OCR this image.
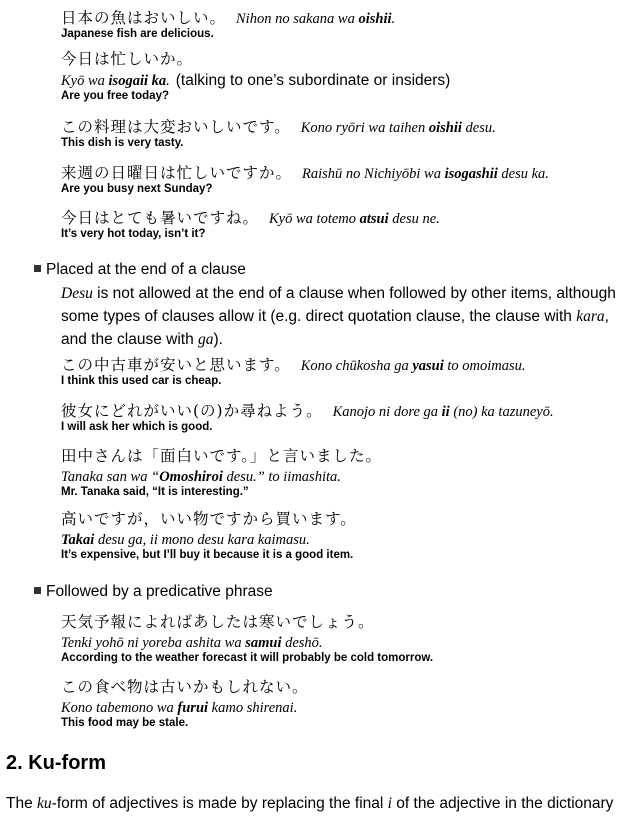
日本の魚はおいしい。 Nihon no sakana wa oishii.
Japanese fish are delicious.
今日は忙しいか。
Kyō wa isogaii ka. (talking to one’s subordinate or insiders)
Are you free today?
この料理は大変おいしいです。 Kono ryōri wa taihen oishii desu.
This dish is very tasty.
来週の日曜日は忙しいですか。 Raishū no Nichiyōbi wa isogashii desu ka.
Are you busy next Sunday?
今日はとても暑いですね。 Kyō wa totemo atsui desu ne.
It’s very hot today, isn’t it?
Placed at the end of a clause
Desu is not allowed at the end of a clause when followed by other items, although some types of clauses allow it (e.g. direct quotation clause, the clause with kara, and the clause with ga).
この中古車が安いと思います。 Kono chūkosha ga yasui to omoimasu.
I think this used car is cheap.
彼女にどれがいい(の)か尋ねよう。 Kanojo ni dore ga ii (no) ka tazuneyō.
I will ask her which is good.
田中さんは「面白いです。」と言いました。
Tanaka san wa “Omoshiroi desu.” to iimashita.
Mr. Tanaka said, “It is interesting.”
高いですが，いい物ですから買います。
Takai desu ga, ii mono desu kara kaimasu.
It’s expensive, but I’ll buy it because it is a good item.
Followed by a predicative phrase
天気予報によればあしたは寒いでしょう。
Tenki yohō ni yoreba ashita wa samui deshō.
According to the weather forecast it will probably be cold tomorrow.
この食べ物は古いかもしれない。
Kono tabemono wa furui kamo shirenai.
This food may be stale.
2. Ku-form
The ku-form of adjectives is made by replacing the final i of the adjective in the dictionary
